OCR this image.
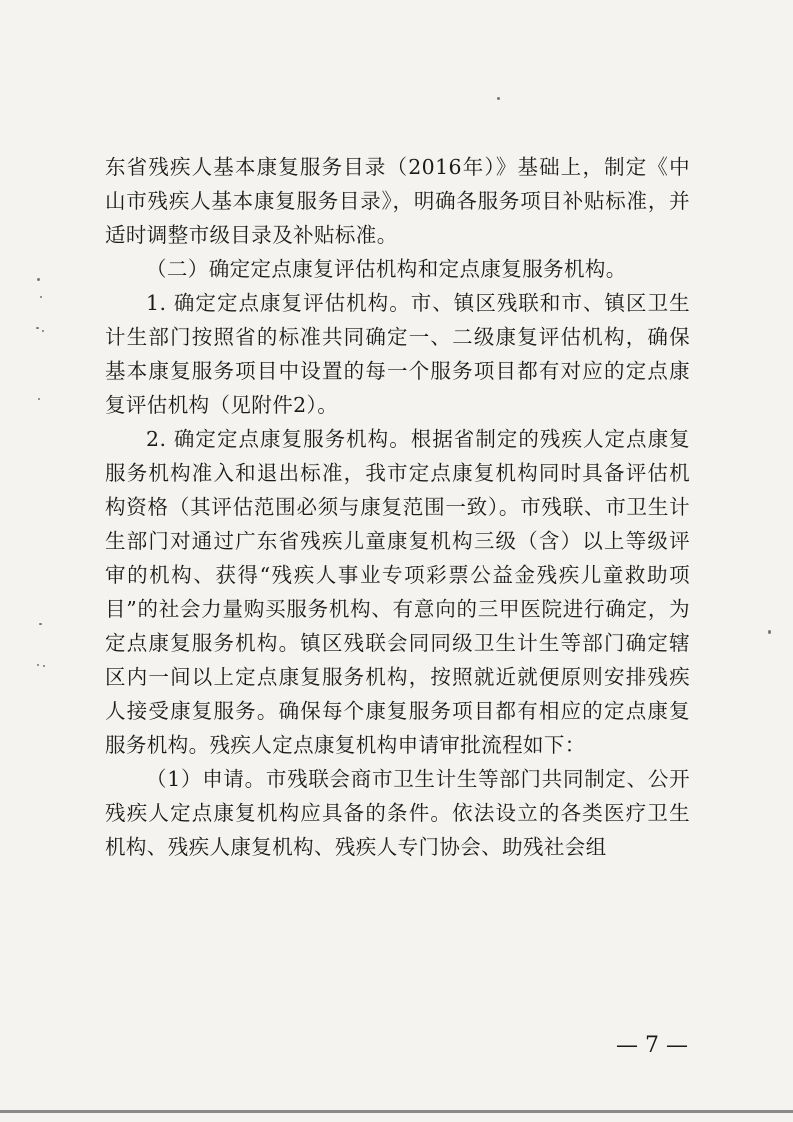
东省残疾人基本康复服务目录（2016年）》基础上，制定《中山市残疾人基本康复服务目录》，明确各服务项目补贴标准，并适时调整市级目录及补贴标准。

（二）确定定点康复评估机构和定点康复服务机构。

1. 确定定点康复评估机构。市、镇区残联和市、镇区卫生计生部门按照省的标准共同确定一、二级康复评估机构，确保基本康复服务项目中设置的每一个服务项目都有对应的定点康复评估机构（见附件2）。

2. 确定定点康复服务机构。根据省制定的残疾人定点康复服务机构准入和退出标准，我市定点康复机构同时具备评估机构资格（其评估范围必须与康复范围一致）。市残联、市卫生计生部门对通过广东省残疾儿童康复机构三级（含）以上等级评审的机构、获得“残疾人事业专项彩票公益金残疾儿童救助项目”的社会力量购买服务机构、有意向的三甲医院进行确定，为定点康复服务机构。镇区残联会同同级卫生计生等部门确定辖区内一间以上定点康复服务机构，按照就近就便原则安排残疾人接受康复服务。确保每个康复服务项目都有相应的定点康复服务机构。残疾人定点康复机构申请审批流程如下：

（1）申请。市残联会商市卫生计生等部门共同制定、公开残疾人定点康复机构应具备的条件。依法设立的各类医疗卫生机构、残疾人康复机构、残疾人专门协会、助残社会组

— 7 —
